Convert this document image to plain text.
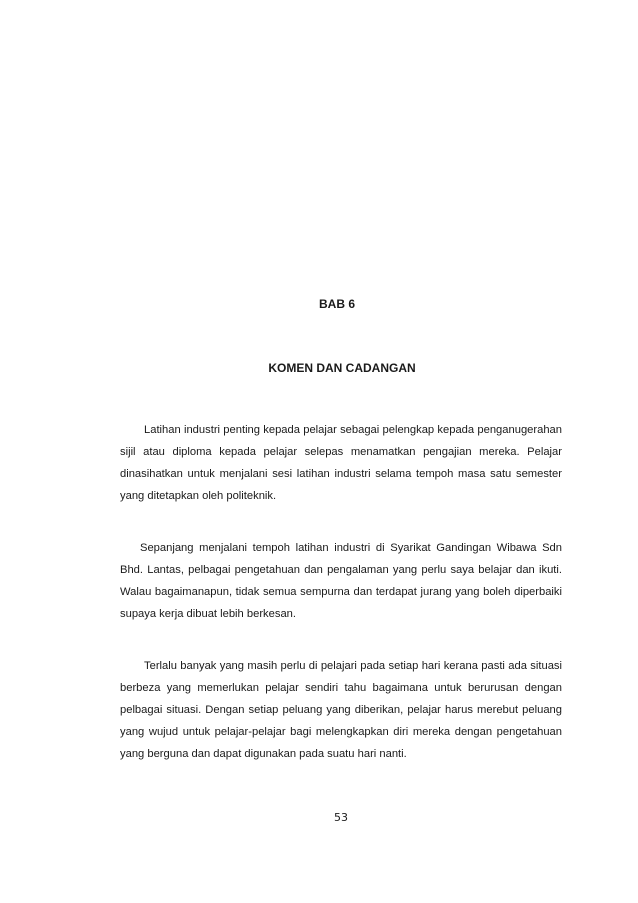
BAB 6
KOMEN DAN CADANGAN

Latihan industri penting kepada pelajar sebagai pelengkap kepada penganugerahan sijil atau diploma kepada pelajar selepas menamatkan pengajian mereka. Pelajar dinasihatkan untuk menjalani sesi latihan industri selama tempoh masa satu semester yang ditetapkan oleh politeknik.

Sepanjang menjalani tempoh latihan industri di Syarikat Gandingan Wibawa Sdn Bhd. Lantas, pelbagai pengetahuan dan pengalaman yang perlu saya belajar dan ikuti. Walau bagaimanapun, tidak semua sempurna dan terdapat jurang yang boleh diperbaiki supaya kerja dibuat lebih berkesan.

Terlalu banyak yang masih perlu di pelajari pada setiap hari kerana pasti ada situasi berbeza yang memerlukan pelajar sendiri tahu bagaimana untuk berurusan dengan pelbagai situasi. Dengan setiap peluang yang diberikan, pelajar harus merebut peluang yang wujud untuk pelajar-pelajar bagi melengkapkan diri mereka dengan pengetahuan yang berguna dan dapat digunakan pada suatu hari nanti.

53
